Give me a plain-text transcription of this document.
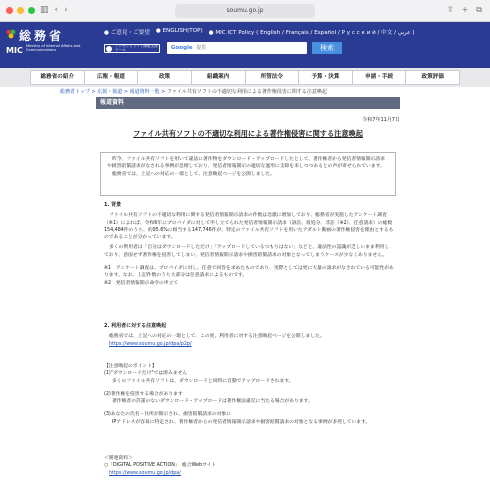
▥ ‹ ›	soumu.go.jp	⇪ + ⧉
総務省
MIC Ministry of Internal Affairs and Communications
● ご意見・ご要望 ● ENGLISH(TOP) ● MIC ICT Policy ( English / Français / Español / Р у с с к и й / 中文 / عربي )
アクセシビリティ閲覧支援ツール	Google 提供	検索
総務省の紹介	広報・報道	政策	組織案内	所管法令	予算・決算	申請・手続	政策評価
総務省トップ > 広報・報道 > 報道資料一覧 > ファイル共有ソフトの不適切な利用による著作権侵害に関する注意喚起
報道資料
令和7年11月7日
ファイル共有ソフトの不適切な利用による著作権侵害に関する注意喚起
昨今、ファイル共有ソフトを用いて違法に著作物をダウンロード・アップロードしたとして、著作権者から発信者情報開示請求や損害賠償請求がなされる事例が急増しており、発信者情報開示の適切な運用に支障を来しつつあるとの声が寄せられています。
総務省では、上記への対応の一環として、注意喚起ページを公開しました。
1. 背景
ファイル共有ソフトの不適切な利用に関する発信者情報開示請求の件数は急激に増加しており、総務省が実施したアンケート調査（※1）によれば、令和6年にプロバイダに対して申し立てられた発信者情報開示請求（訴訟、仮処分、非訟（※2）、任意請求）の総数154,484件のうち、約95.6%に相当する147,746件が、特定のファイル共有ソフトを用いたアダルト動画の著作権侵害を理由とするものであることが分かっています。
多くの利用者は「自分はダウンロードしただけ」「アップロードしているつもりはない」などと、違法性の認識が乏しいまま利用しており、意図せず著作権を侵害してしまい、発信者情報開示請求や損害賠償請求の対象となってしまうケースが少なくありません。
※1　アンケート調査は、プロバイダに対し、任意で回答を求めたものであり、実際としては更に大量の請求がなされている可能性があります。なお、上記件数のうち大部分は任意請求によるものです。
※2　発信者情報開示命令の申立て
2. 利用者に対する注意喚起
総務省では、上記への対応の一環として、この度、利用者に対する注意喚起ページを公開しました。
https://www.soumu.go.jp/dpa/p2p/
【注意喚起のポイント】
(1)"ダウンロードだけ"では済みません
多くのファイル共有ソフトは、ダウンロードと同時に自動でアップロードされます。
(2)著作権を侵害する場合があります
著作権者の許諾のないダウンロード・アップロードは著作権法違反に当たる場合があります。
(3)あなたの氏名・住所が開示され、損害賠償請求の対象に
IPアドレスが容易に特定され、著作権者からの発信者情報開示請求や損害賠償請求の対象となる事例が多発しています。
＜関連資料＞
○「DIGITAL POSITIVE ACTION」　総合Webサイト
https://www.soumu.go.jp/dpa/
